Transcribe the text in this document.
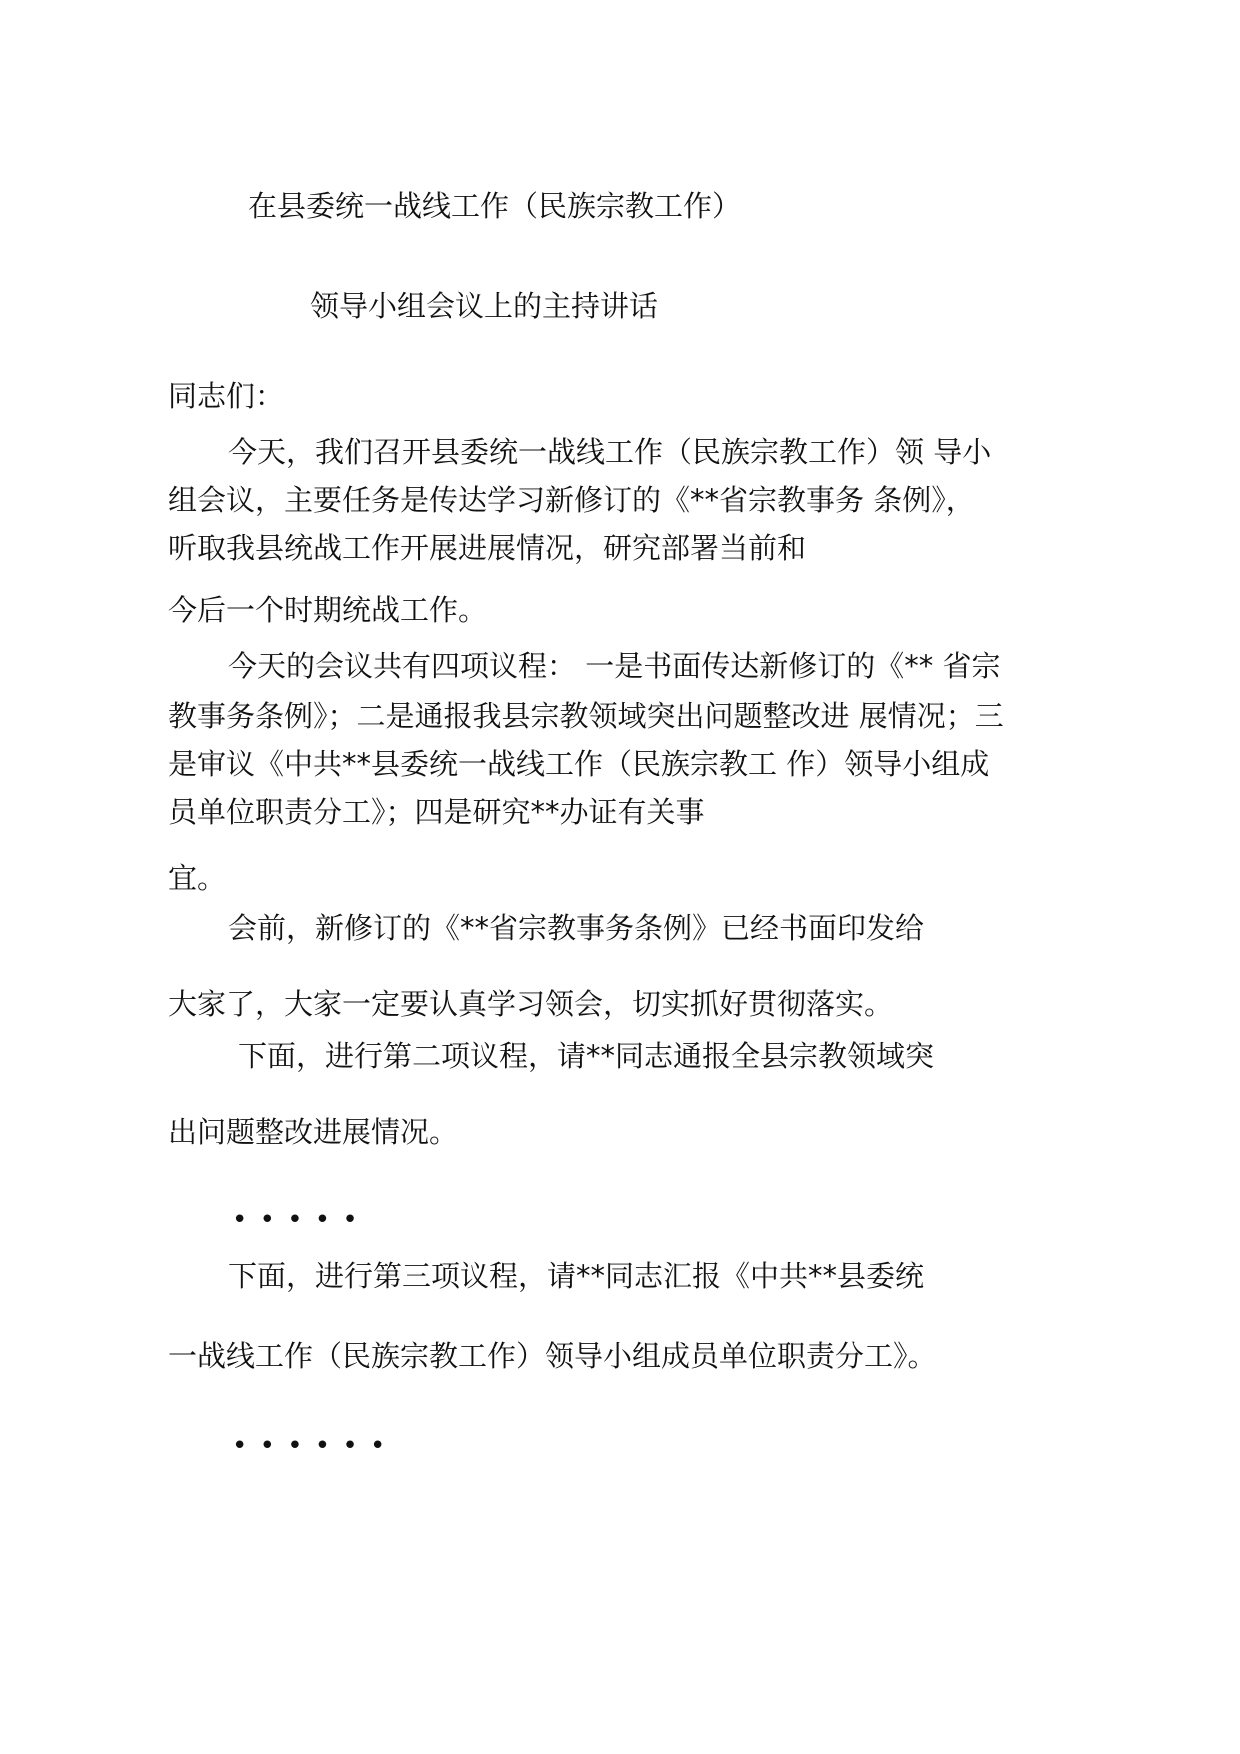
在县委统一战线工作（民族宗教工作）
领导小组会议上的主持讲话
同志们：
今天，我们召开县委统一战线工作（民族宗教工作）领 导小
组会议，主要任务是传达学习新修订的《**省宗教事务 条例》，
听取我县统战工作开展进展情况，研究部署当前和
今后一个时期统战工作。
今天的会议共有四项议程： 一是书面传达新修订的《** 省宗
教事务条例》；二是通报我县宗教领域突出问题整改进 展情况；三
是审议《中共**县委统一战线工作（民族宗教工 作）领导小组成
员单位职责分工》；四是研究**办证有关事
宜。
会前，新修订的《**省宗教事务条例》已经书面印发给
大家了，大家一定要认真学习领会，切实抓好贯彻落实。
下面，进行第二项议程，请**同志通报全县宗教领域突
出问题整改进展情况。
• • • • •
下面，进行第三项议程，请**同志汇报《中共**县委统
一战线工作（民族宗教工作）领导小组成员单位职责分工》。
• • • • • •
